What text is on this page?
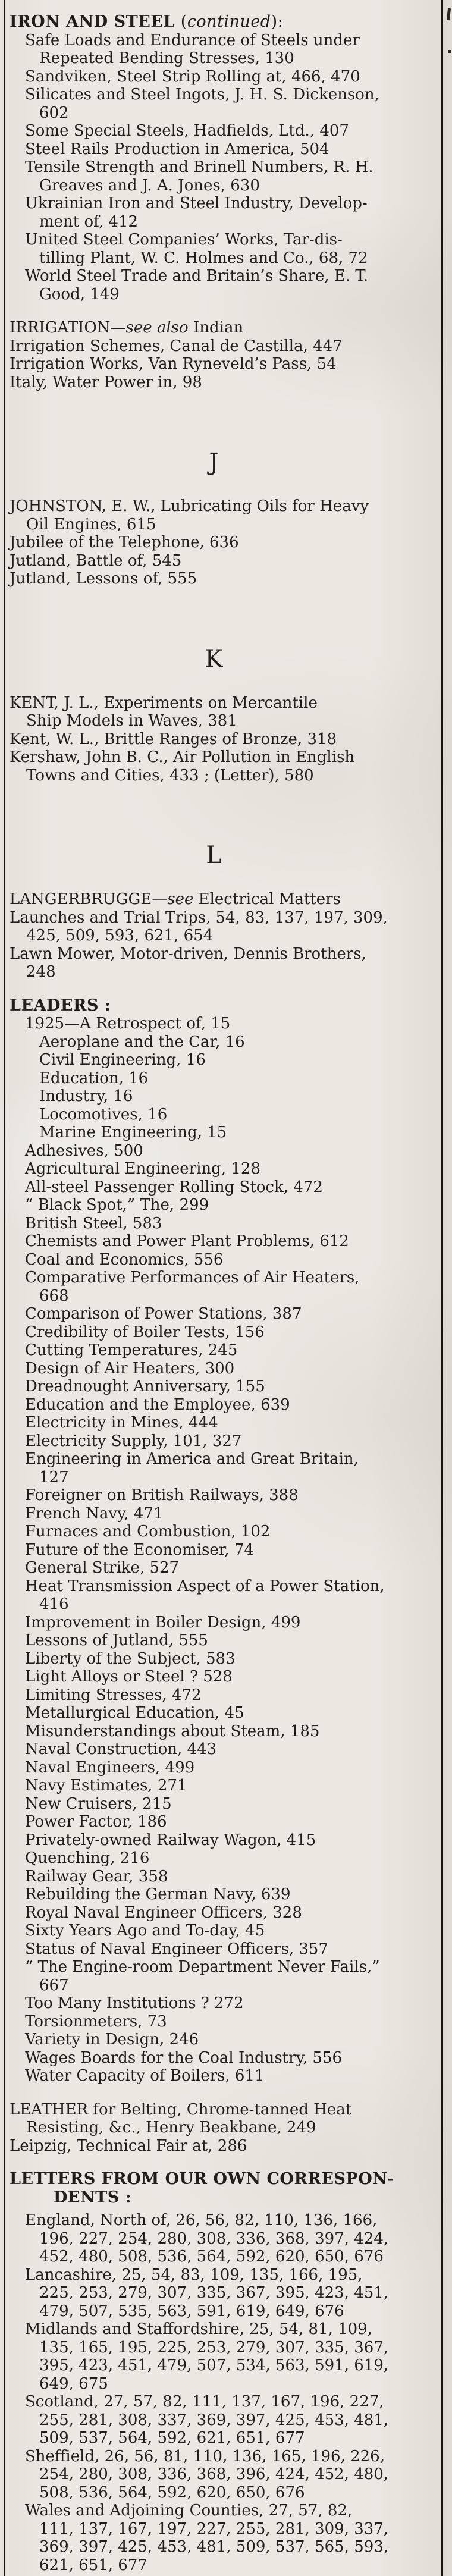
IRON AND STEEL (continued):
Safe Loads and Endurance of Steels under
Repeated Bending Stresses, 130
Sandviken, Steel Strip Rolling at, 466, 470
Silicates and Steel Ingots, J. H. S. Dickenson,
602
Some Special Steels, Hadfields, Ltd., 407
Steel Rails Production in America, 504
Tensile Strength and Brinell Numbers, R. H.
Greaves and J. A. Jones, 630
Ukrainian Iron and Steel Industry, Develop-
ment of, 412
United Steel Companies’ Works, Tar-dis-
tilling Plant, W. C. Holmes and Co., 68, 72
World Steel Trade and Britain’s Share, E. T.
Good, 149
IRRIGATION—see also Indian
Irrigation Schemes, Canal de Castilla, 447
Irrigation Works, Van Ryneveld’s Pass, 54
Italy, Water Power in, 98
J
JOHNSTON, E. W., Lubricating Oils for Heavy
Oil Engines, 615
Jubilee of the Telephone, 636
Jutland, Battle of, 545
Jutland, Lessons of, 555
K
KENT, J. L., Experiments on Mercantile
Ship Models in Waves, 381
Kent, W. L., Brittle Ranges of Bronze, 318
Kershaw, John B. C., Air Pollution in English
Towns and Cities, 433 ; (Letter), 580
L
LANGERBRUGGE—see Electrical Matters
Launches and Trial Trips, 54, 83, 137, 197, 309,
425, 509, 593, 621, 654
Lawn Mower, Motor-driven, Dennis Brothers,
248
LEADERS :
1925—A Retrospect of, 15
Aeroplane and the Car, 16
Civil Engineering, 16
Education, 16
Industry, 16
Locomotives, 16
Marine Engineering, 15
Adhesives, 500
Agricultural Engineering, 128
All-steel Passenger Rolling Stock, 472
“ Black Spot,” The, 299
British Steel, 583
Chemists and Power Plant Problems, 612
Coal and Economics, 556
Comparative Performances of Air Heaters,
668
Comparison of Power Stations, 387
Credibility of Boiler Tests, 156
Cutting Temperatures, 245
Design of Air Heaters, 300
Dreadnought Anniversary, 155
Education and the Employee, 639
Electricity in Mines, 444
Electricity Supply, 101, 327
Engineering in America and Great Britain,
127
Foreigner on British Railways, 388
French Navy, 471
Furnaces and Combustion, 102
Future of the Economiser, 74
General Strike, 527
Heat Transmission Aspect of a Power Station,
416
Improvement in Boiler Design, 499
Lessons of Jutland, 555
Liberty of the Subject, 583
Light Alloys or Steel ? 528
Limiting Stresses, 472
Metallurgical Education, 45
Misunderstandings about Steam, 185
Naval Construction, 443
Naval Engineers, 499
Navy Estimates, 271
New Cruisers, 215
Power Factor, 186
Privately-owned Railway Wagon, 415
Quenching, 216
Railway Gear, 358
Rebuilding the German Navy, 639
Royal Naval Engineer Officers, 328
Sixty Years Ago and To-day, 45
Status of Naval Engineer Officers, 357
“ The Engine-room Department Never Fails,”
667
Too Many Institutions ? 272
Torsionmeters, 73
Variety in Design, 246
Wages Boards for the Coal Industry, 556
Water Capacity of Boilers, 611
LEATHER for Belting, Chrome-tanned Heat
Resisting, &c., Henry Beakbane, 249
Leipzig, Technical Fair at, 286
LETTERS FROM OUR OWN CORRESPON-
DENTS :
England, North of, 26, 56, 82, 110, 136, 166,
196, 227, 254, 280, 308, 336, 368, 397, 424,
452, 480, 508, 536, 564, 592, 620, 650, 676
Lancashire, 25, 54, 83, 109, 135, 166, 195,
225, 253, 279, 307, 335, 367, 395, 423, 451,
479, 507, 535, 563, 591, 619, 649, 676
Midlands and Staffordshire, 25, 54, 81, 109,
135, 165, 195, 225, 253, 279, 307, 335, 367,
395, 423, 451, 479, 507, 534, 563, 591, 619,
649, 675
Scotland, 27, 57, 82, 111, 137, 167, 196, 227,
255, 281, 308, 337, 369, 397, 425, 453, 481,
509, 537, 564, 592, 621, 651, 677
Sheffield, 26, 56, 81, 110, 136, 165, 196, 226,
254, 280, 308, 336, 368, 396, 424, 452, 480,
508, 536, 564, 592, 620, 650, 676
Wales and Adjoining Counties, 27, 57, 82,
111, 137, 167, 197, 227, 255, 281, 309, 337,
369, 397, 425, 453, 481, 509, 537, 565, 593,
621, 651, 677
